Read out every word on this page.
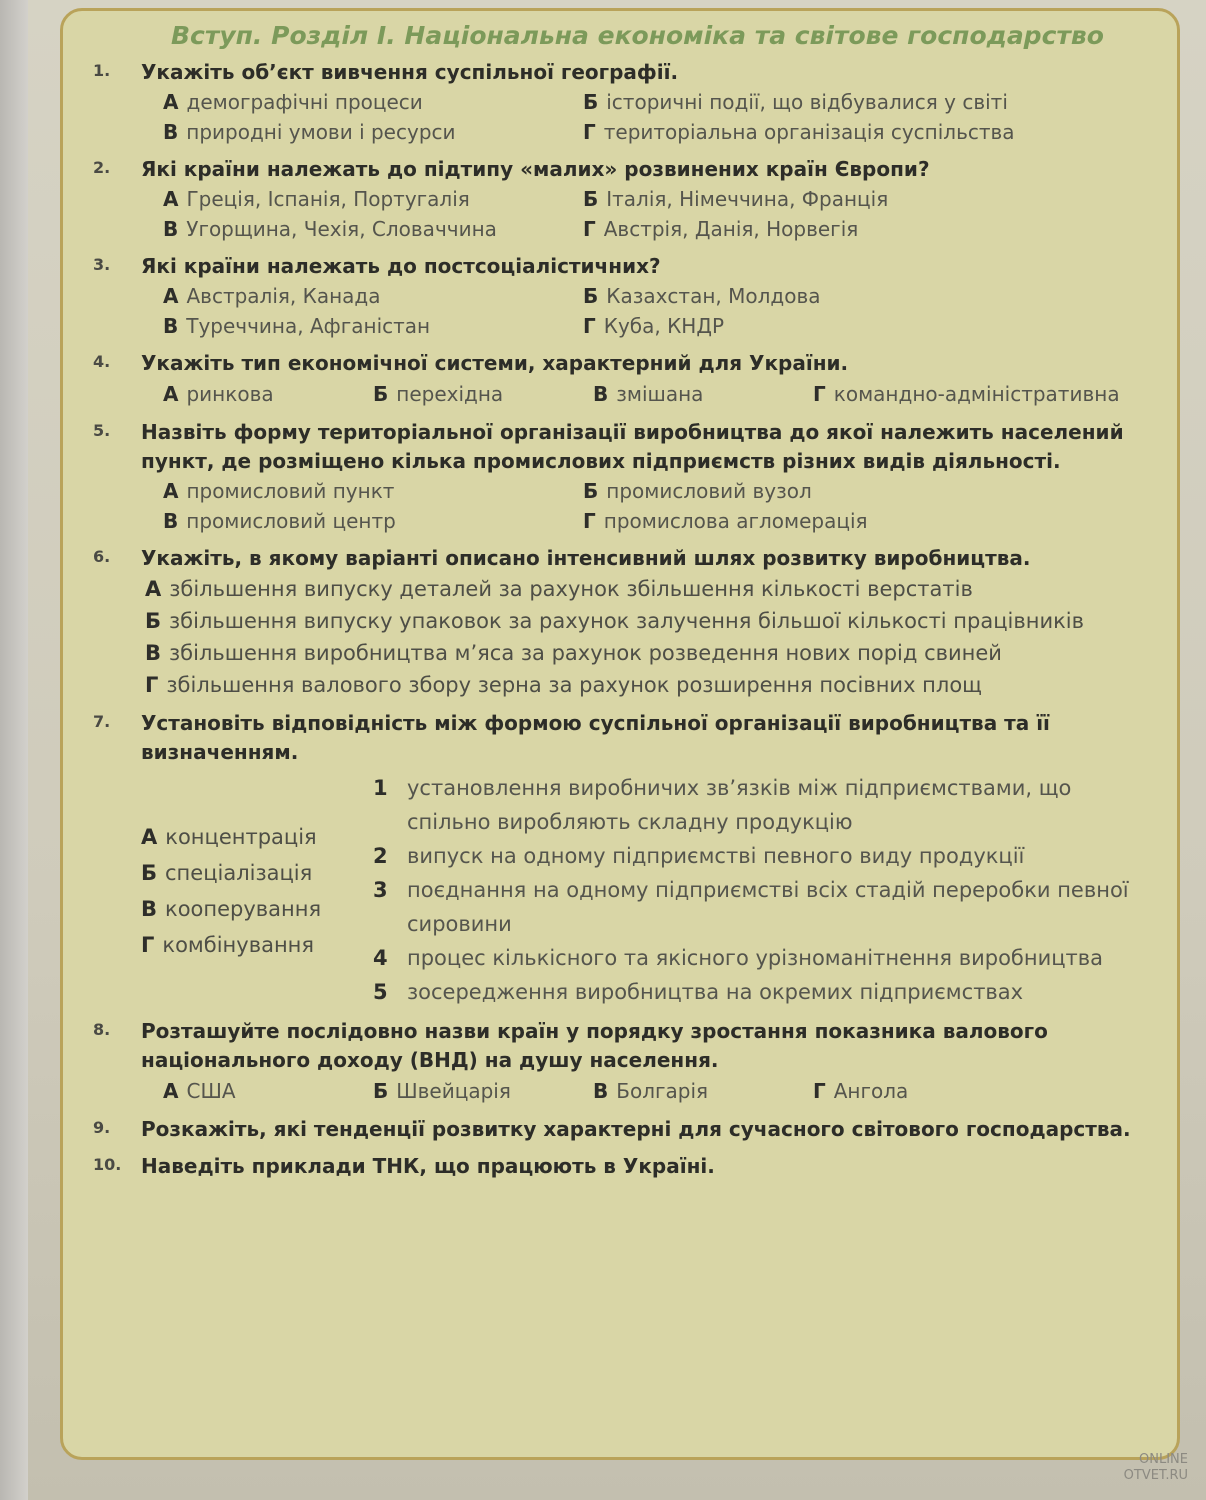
Вступ. Розділ І. Національна економіка та світове господарство
1. Укажіть об’єкт вивчення суспільної географії.
А демографічні процеси	Б історичні події, що відбувалися у світі
В природні умови і ресурси	Г територіальна організація суспільства
2. Які країни належать до підтипу «малих» розвинених країн Європи?
А Греція, Іспанія, Португалія	Б Італія, Німеччина, Франція
В Угорщина, Чехія, Словаччина	Г Австрія, Данія, Норвегія
3. Які країни належать до постсоціалістичних?
А Австралія, Канада	Б Казахстан, Молдова
В Туреччина, Афганістан	Г Куба, КНДР
4. Укажіть тип економічної системи, характерний для України.
А ринкова	Б перехідна	В змішана	Г командно-адміністративна
5. Назвіть форму територіальної організації виробництва до якої належить населений пункт, де розміщено кілька промислових підприємств різних видів діяльності.
А промисловий пункт	Б промисловий вузол
В промисловий центр	Г промислова агломерація
6. Укажіть, в якому варіанті описано інтенсивний шлях розвитку виробництва.
А збільшення випуску деталей за рахунок збільшення кількості верстатів
Б збільшення випуску упаковок за рахунок залучення більшої кількості працівників
В збільшення виробництва м’яса за рахунок розведення нових порід свиней
Г збільшення валового збору зерна за рахунок розширення посівних площ
7. Установіть відповідність між формою суспільної організації виробництва та її визначенням.
А концентрація
Б спеціалізація
В кооперування
Г комбінування
1 установлення виробничих зв’язків між підприємствами, що спільно виробляють складну продукцію
2 випуск на одному підприємстві певного виду продукції
3 поєднання на одному підприємстві всіх стадій переробки певної сировини
4 процес кількісного та якісного урізноманітнення виробництва
5 зосередження виробництва на окремих підприємствах
8. Розташуйте послідовно назви країн у порядку зростання показника валового національного доходу (ВНД) на душу населення.
А США	Б Швейцарія	В Болгарія	Г Ангола
9. Розкажіть, які тенденції розвитку характерні для сучасного світового господарства.
10. Наведіть приклади ТНК, що працюють в Україні.
ONLINE
OTVET.RU
